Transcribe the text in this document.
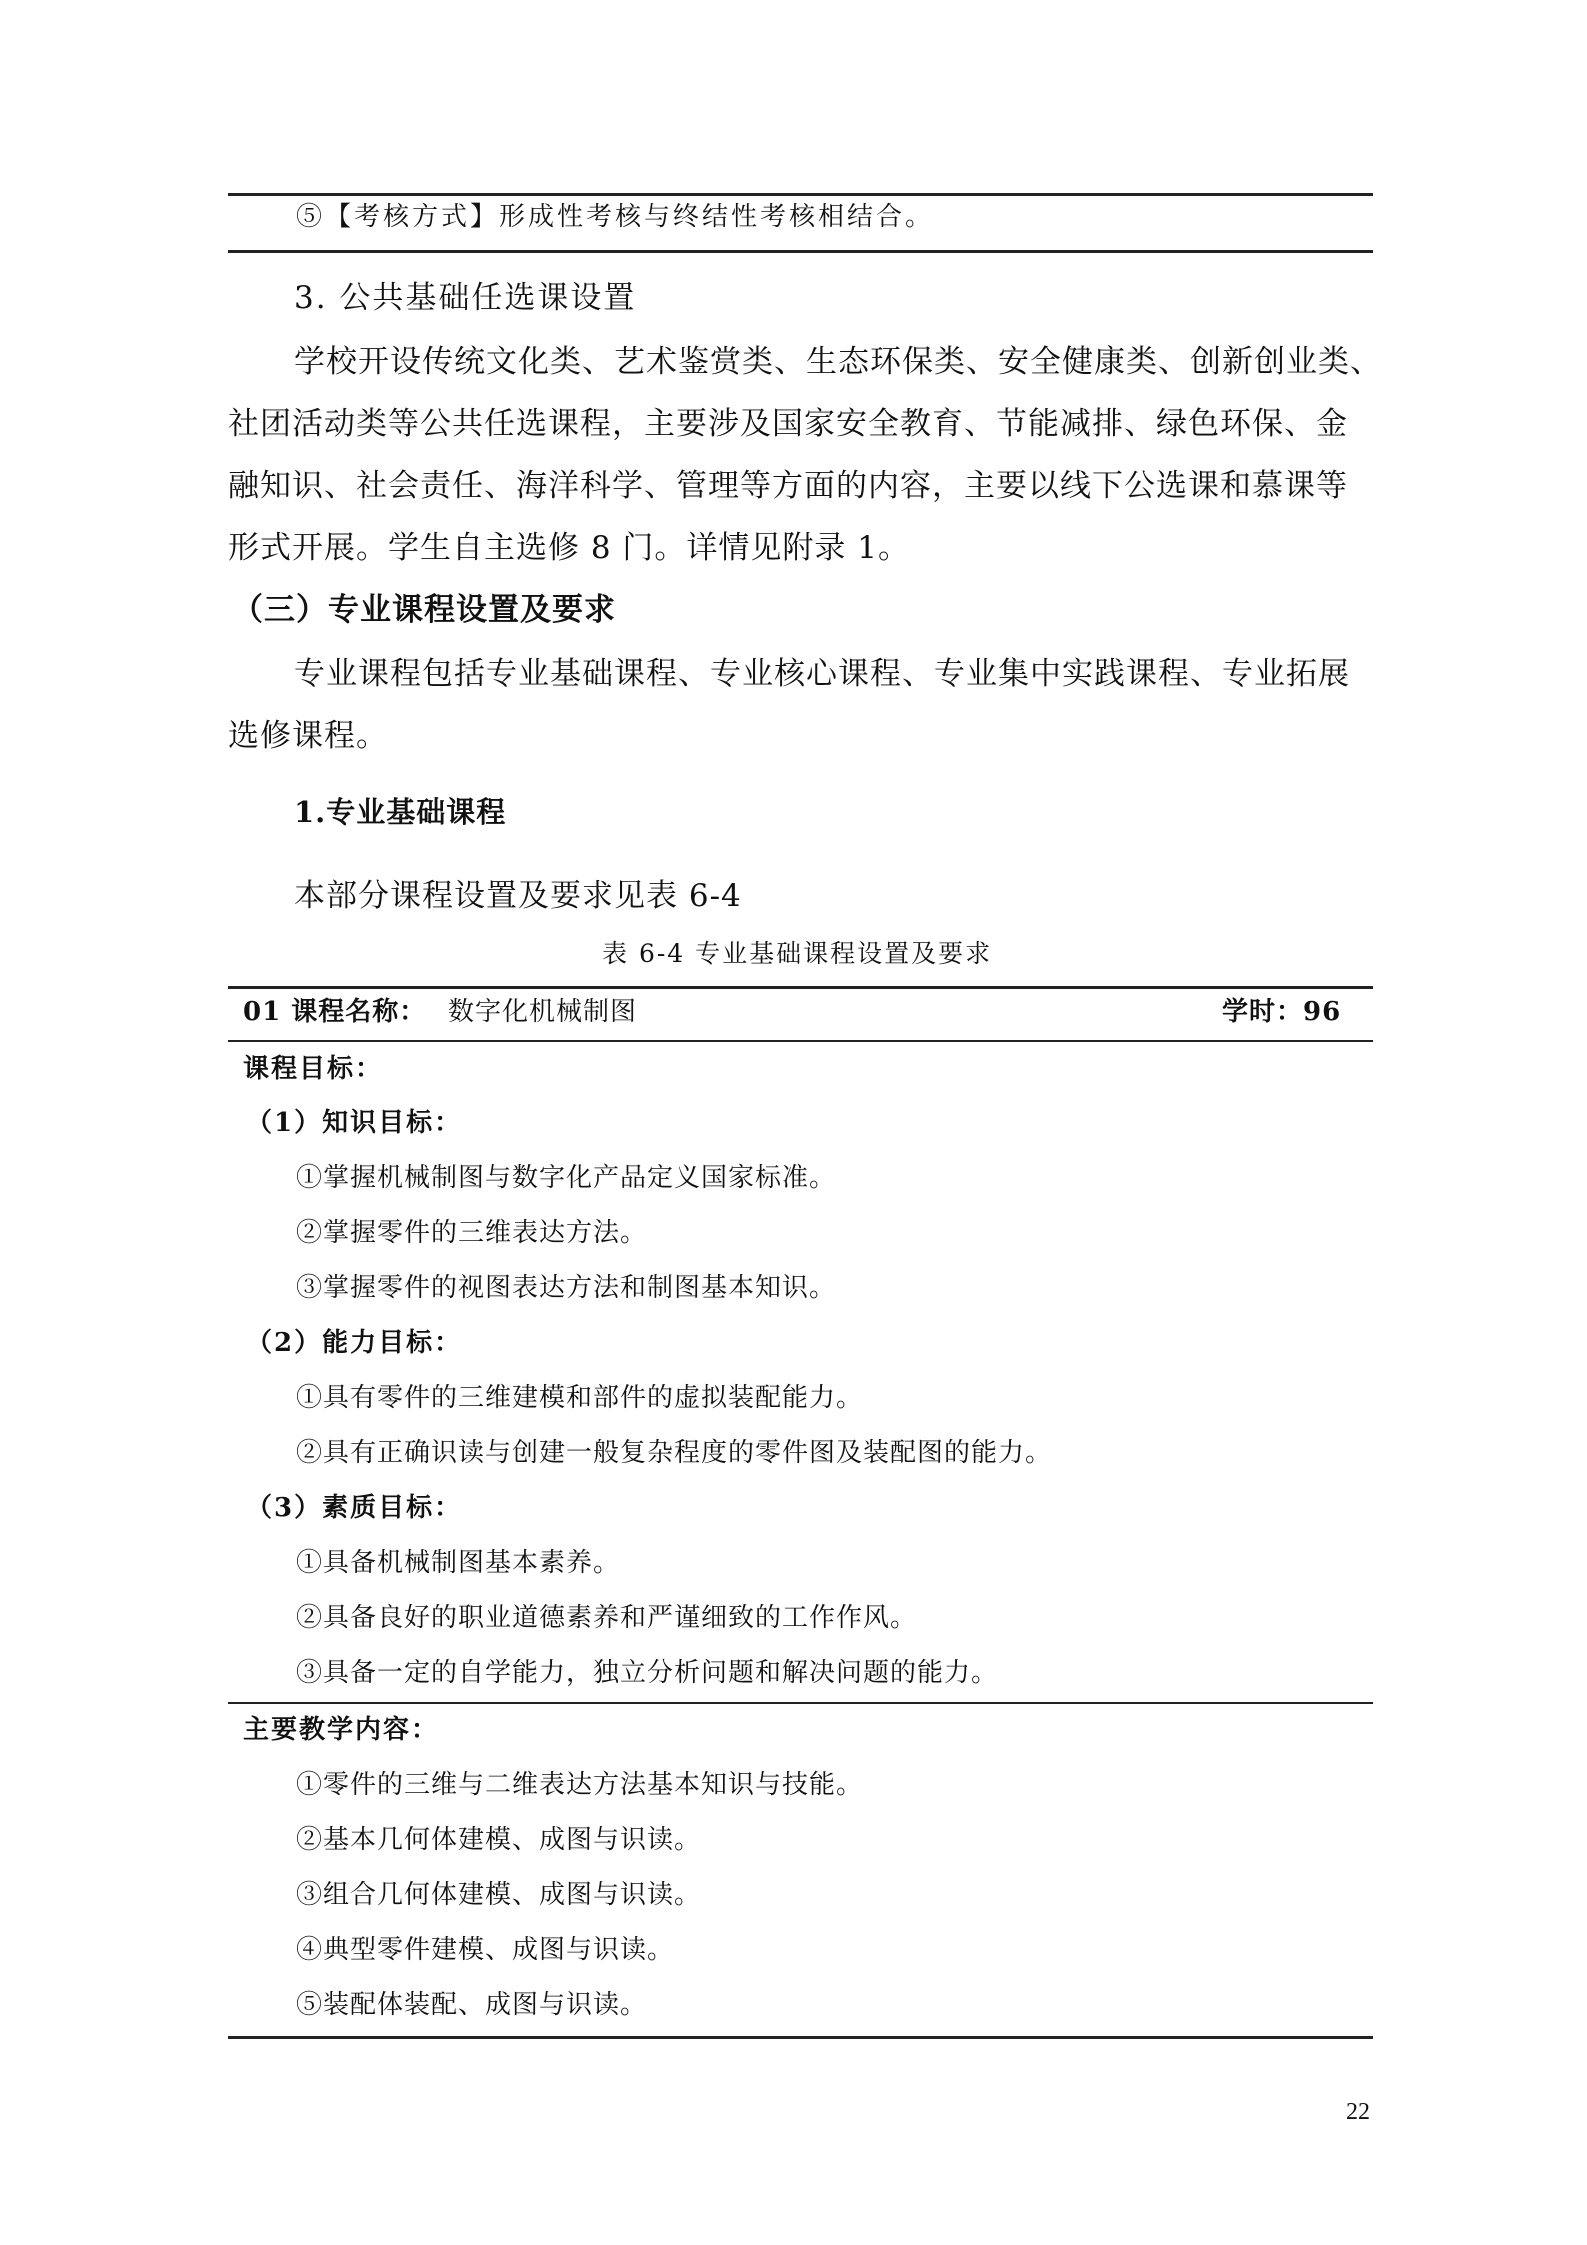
⑤【考核方式】形成性考核与终结性考核相结合。
3. 公共基础任选课设置
学校开设传统文化类、艺术鉴赏类、生态环保类、安全健康类、创新创业类、
社团活动类等公共任选课程，主要涉及国家安全教育、节能减排、绿色环保、金
融知识、社会责任、海洋科学、管理等方面的内容，主要以线下公选课和慕课等
形式开展。学生自主选修 8 门。详情见附录 1。
（三）专业课程设置及要求
专业课程包括专业基础课程、专业核心课程、专业集中实践课程、专业拓展
选修课程。
1.专业基础课程
本部分课程设置及要求见表 6-4
表 6-4 专业基础课程设置及要求
01 课程名称： 数字化机械制图	学时：96
课程目标：
（1）知识目标：
①掌握机械制图与数字化产品定义国家标准。
②掌握零件的三维表达方法。
③掌握零件的视图表达方法和制图基本知识。
（2）能力目标：
①具有零件的三维建模和部件的虚拟装配能力。
②具有正确识读与创建一般复杂程度的零件图及装配图的能力。
（3）素质目标：
①具备机械制图基本素养。
②具备良好的职业道德素养和严谨细致的工作作风。
③具备一定的自学能力，独立分析问题和解决问题的能力。
主要教学内容：
①零件的三维与二维表达方法基本知识与技能。
②基本几何体建模、成图与识读。
③组合几何体建模、成图与识读。
④典型零件建模、成图与识读。
⑤装配体装配、成图与识读。
22
